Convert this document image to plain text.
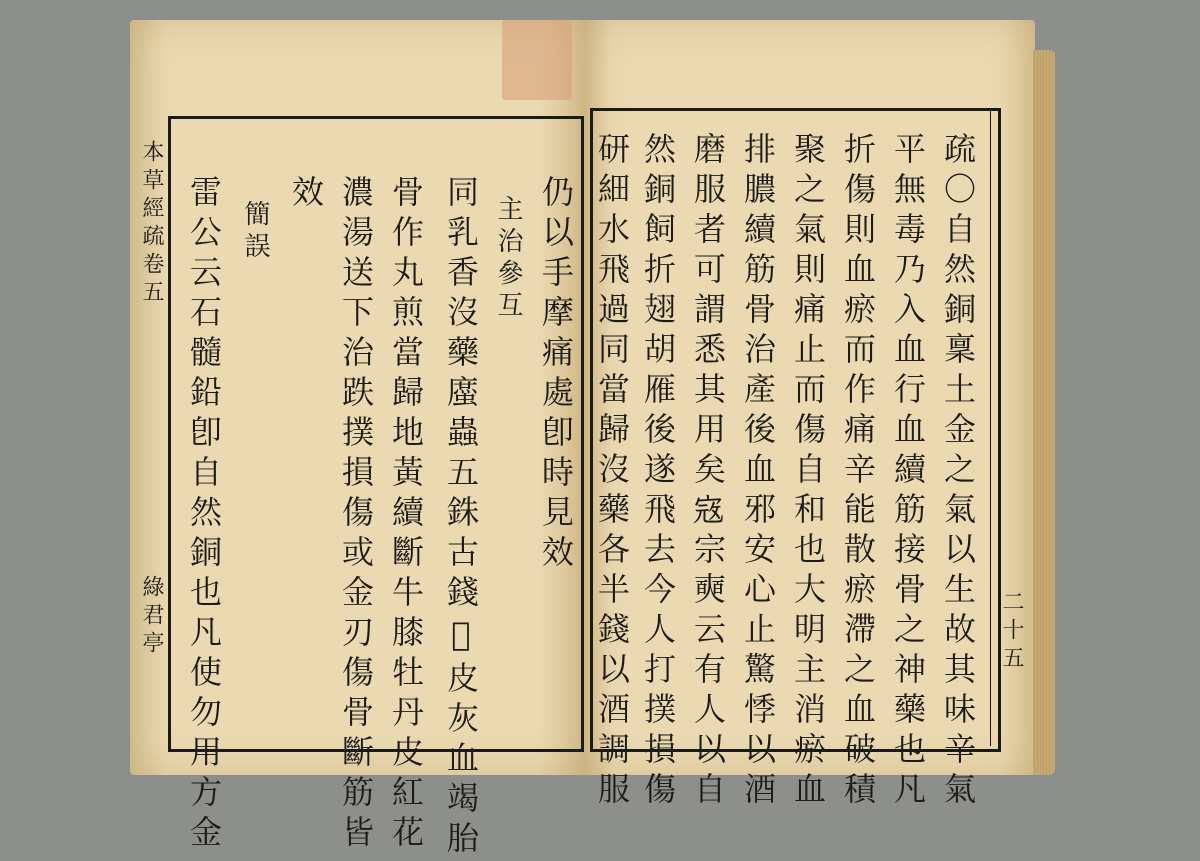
本草經疏卷五
綠君亭
仍以手摩痛處卽時見效
主治參互
同乳香沒藥䗪蟲五銖古錢𤻪皮灰血竭胎
骨作丸煎當歸地黃續斷牛膝牡丹皮紅花
濃湯送下治跌撲損傷或金刃傷骨斷筋皆
效
簡誤
雷公云石髓鉛卽自然銅也凡使勿用方金	二十五
疏〇自然銅稟土金之氣以生故其味辛氣
平無毒乃入血行血續筋接骨之神藥也凡
折傷則血瘀而作痛辛能散瘀滯之血破積
聚之氣則痛止而傷自和也大明主消瘀血
排膿續筋骨治產後血邪安心止驚悸以酒
磨服者可謂悉其用矣𡨥宗奭云有人以自
然銅飼折翅胡雁後遂飛去今人打撲損傷
研細水飛過同當歸沒藥各半錢以酒調服
